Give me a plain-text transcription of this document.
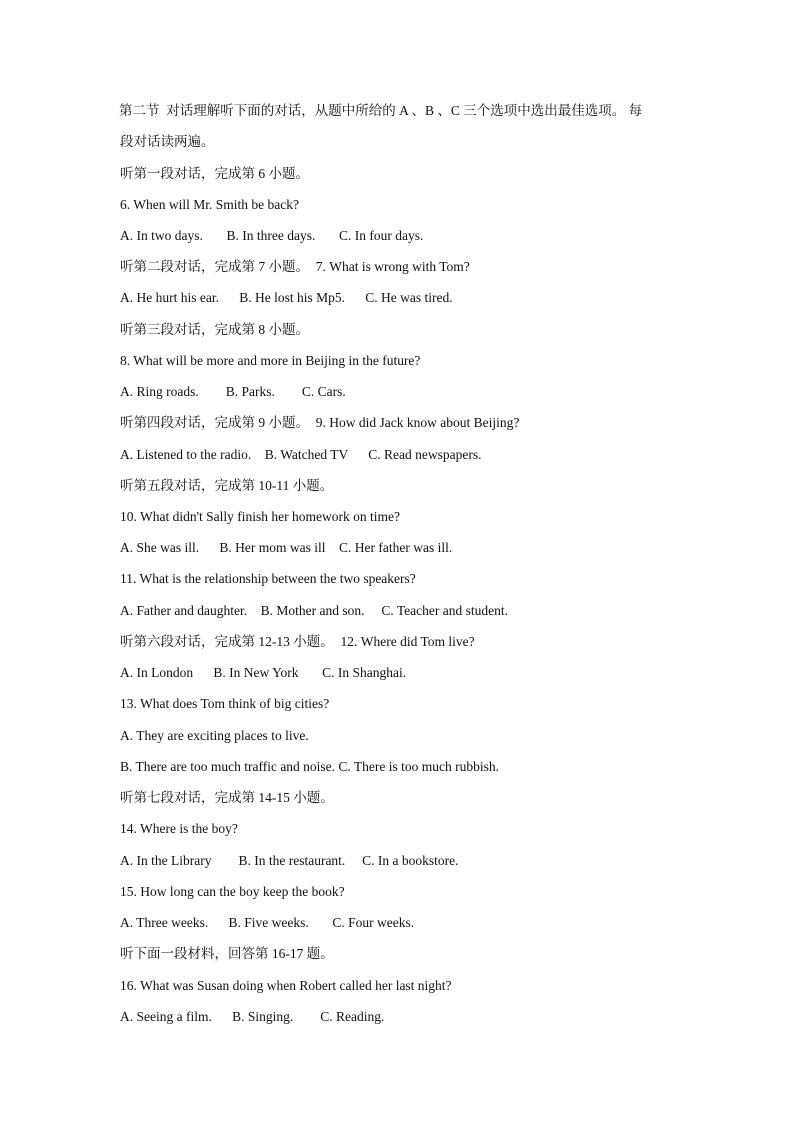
第二节  对话理解听下面的对话，从题中所给的 A 、B 、C 三个选项中选出最佳选项。 每
段对话读两遍。
听第一段对话，完成第 6 小题。
6. When will Mr. Smith be back?
A. In two days.       B. In three days.       C. In four days.
听第二段对话，完成第 7 小题。  7. What is wrong with Tom?
A. He hurt his ear.      B. He lost his Mp5.      C. He was tired.
听第三段对话，完成第 8 小题。
8. What will be more and more in Beijing in the future?
A. Ring roads.        B. Parks.        C. Cars.
听第四段对话，完成第 9 小题。  9. How did Jack know about Beijing?
A. Listened to the radio.    B. Watched TV      C. Read newspapers.
听第五段对话，完成第 10-11 小题。
10. What didn't Sally finish her homework on time?
A. She was ill.      B. Her mom was ill    C. Her father was ill.
11. What is the relationship between the two speakers?
A. Father and daughter.    B. Mother and son.     C. Teacher and student.
听第六段对话，完成第 12-13 小题。  12. Where did Tom live?
A. In London      B. In New York       C. In Shanghai.
13. What does Tom think of big cities?
A. They are exciting places to live.
B. There are too much traffic and noise. C. There is too much rubbish.
听第七段对话，完成第 14-15 小题。
14. Where is the boy?
A. In the Library        B. In the restaurant.     C. In a bookstore.
15. How long can the boy keep the book?
A. Three weeks.      B. Five weeks.       C. Four weeks.
听下面一段材料，回答第 16-17 题。
16. What was Susan doing when Robert called her last night?
A. Seeing a film.      B. Singing.        C. Reading.
